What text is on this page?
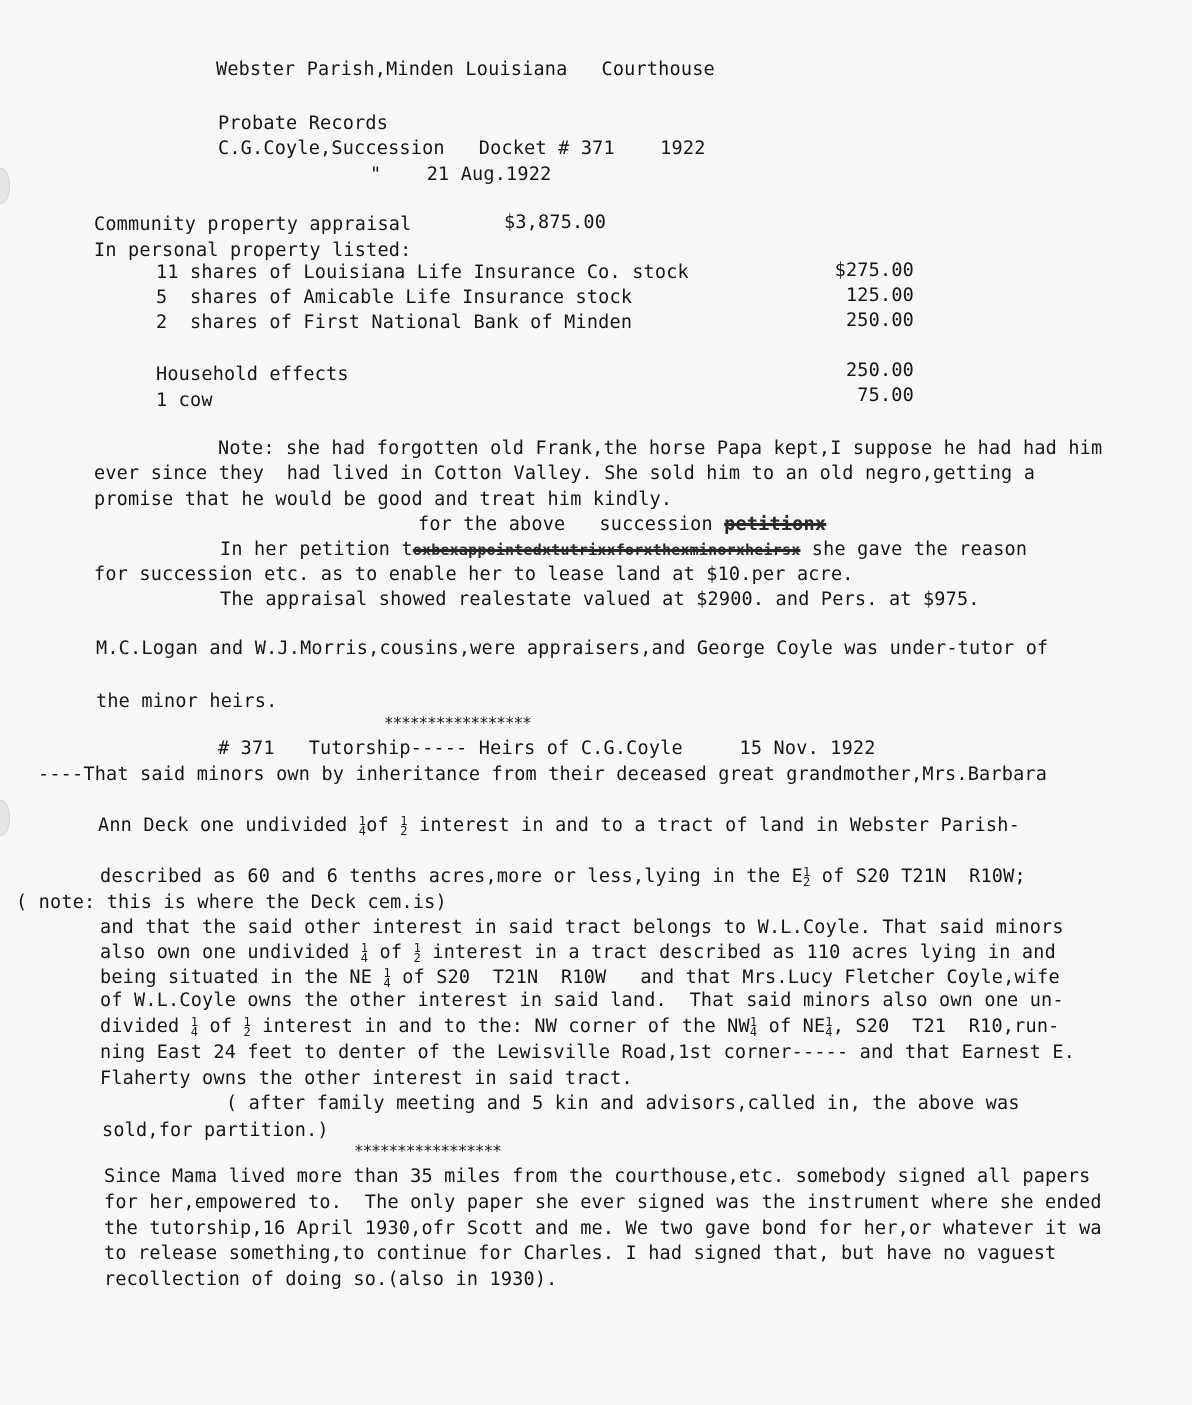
Webster Parish,Minden Louisiana   Courthouse
Probate Records
C.G.Coyle,Succession   Docket # 371    1922
"    21 Aug.1922
Community property appraisal	$3,875.00
In personal property listed:
11 shares of Louisiana Life Insurance Co. stock	$275.00
5  shares of Amicable Life Insurance stock	125.00
2  shares of First National Bank of Minden	250.00
Household effects	250.00
1 cow	75.00
Note: she had forgotten old Frank,the horse Papa kept,I suppose he had had him
ever since they  had lived in Cotton Valley. She sold him to an old negro,getting a
promise that he would be good and treat him kindly.
for the above   succession petitionx
In her petition toxbexappointedxtutrixxforxthexminorxheirsx she gave the reason
for succession etc. as to enable her to lease land at $10.per acre.
The appraisal showed realestate valued at $2900. and Pers. at $975.
M.C.Logan and W.J.Morris,cousins,were appraisers,and George Coyle was under-tutor of
the minor heirs.
*****************
# 371   Tutorship----- Heirs of C.G.Coyle     15 Nov. 1922
----That said minors own by inheritance from their deceased great grandmother,Mrs.Barbara
Ann Deck one undivided 1
4of 1
2 interest in and to a tract of land in Webster Parish-
described as 60 and 6 tenths acres,more or less,lying in the E1
2 of S20 T21N  R10W;
( note: this is where the Deck cem.is)
and that the said other interest in said tract belongs to W.L.Coyle. That said minors
also own one undivided 1
4 of 1
2 interest in a tract described as 110 acres lying in and
being situated in the NE 1
4 of S20  T21N  R10W   and that Mrs.Lucy Fletcher Coyle,wife
of W.L.Coyle owns the other interest in said land.  That said minors also own one un-
divided 1
4 of 1
2 interest in and to the: NW corner of the NW1
4 of NE1
4, S20  T21  R10,run-
ning East 24 feet to denter of the Lewisville Road,1st corner----- and that Earnest E.
Flaherty owns the other interest in said tract.
( after family meeting and 5 kin and advisors,called in, the above was
sold,for partition.)
*****************
Since Mama lived more than 35 miles from the courthouse,etc. somebody signed all papers
for her,empowered to.  The only paper she ever signed was the instrument where she ended
the tutorship,16 April 1930,ofr Scott and me. We two gave bond for her,or whatever it wa
to release something,to continue for Charles. I had signed that, but have no vaguest
recollection of doing so.(also in 1930).
